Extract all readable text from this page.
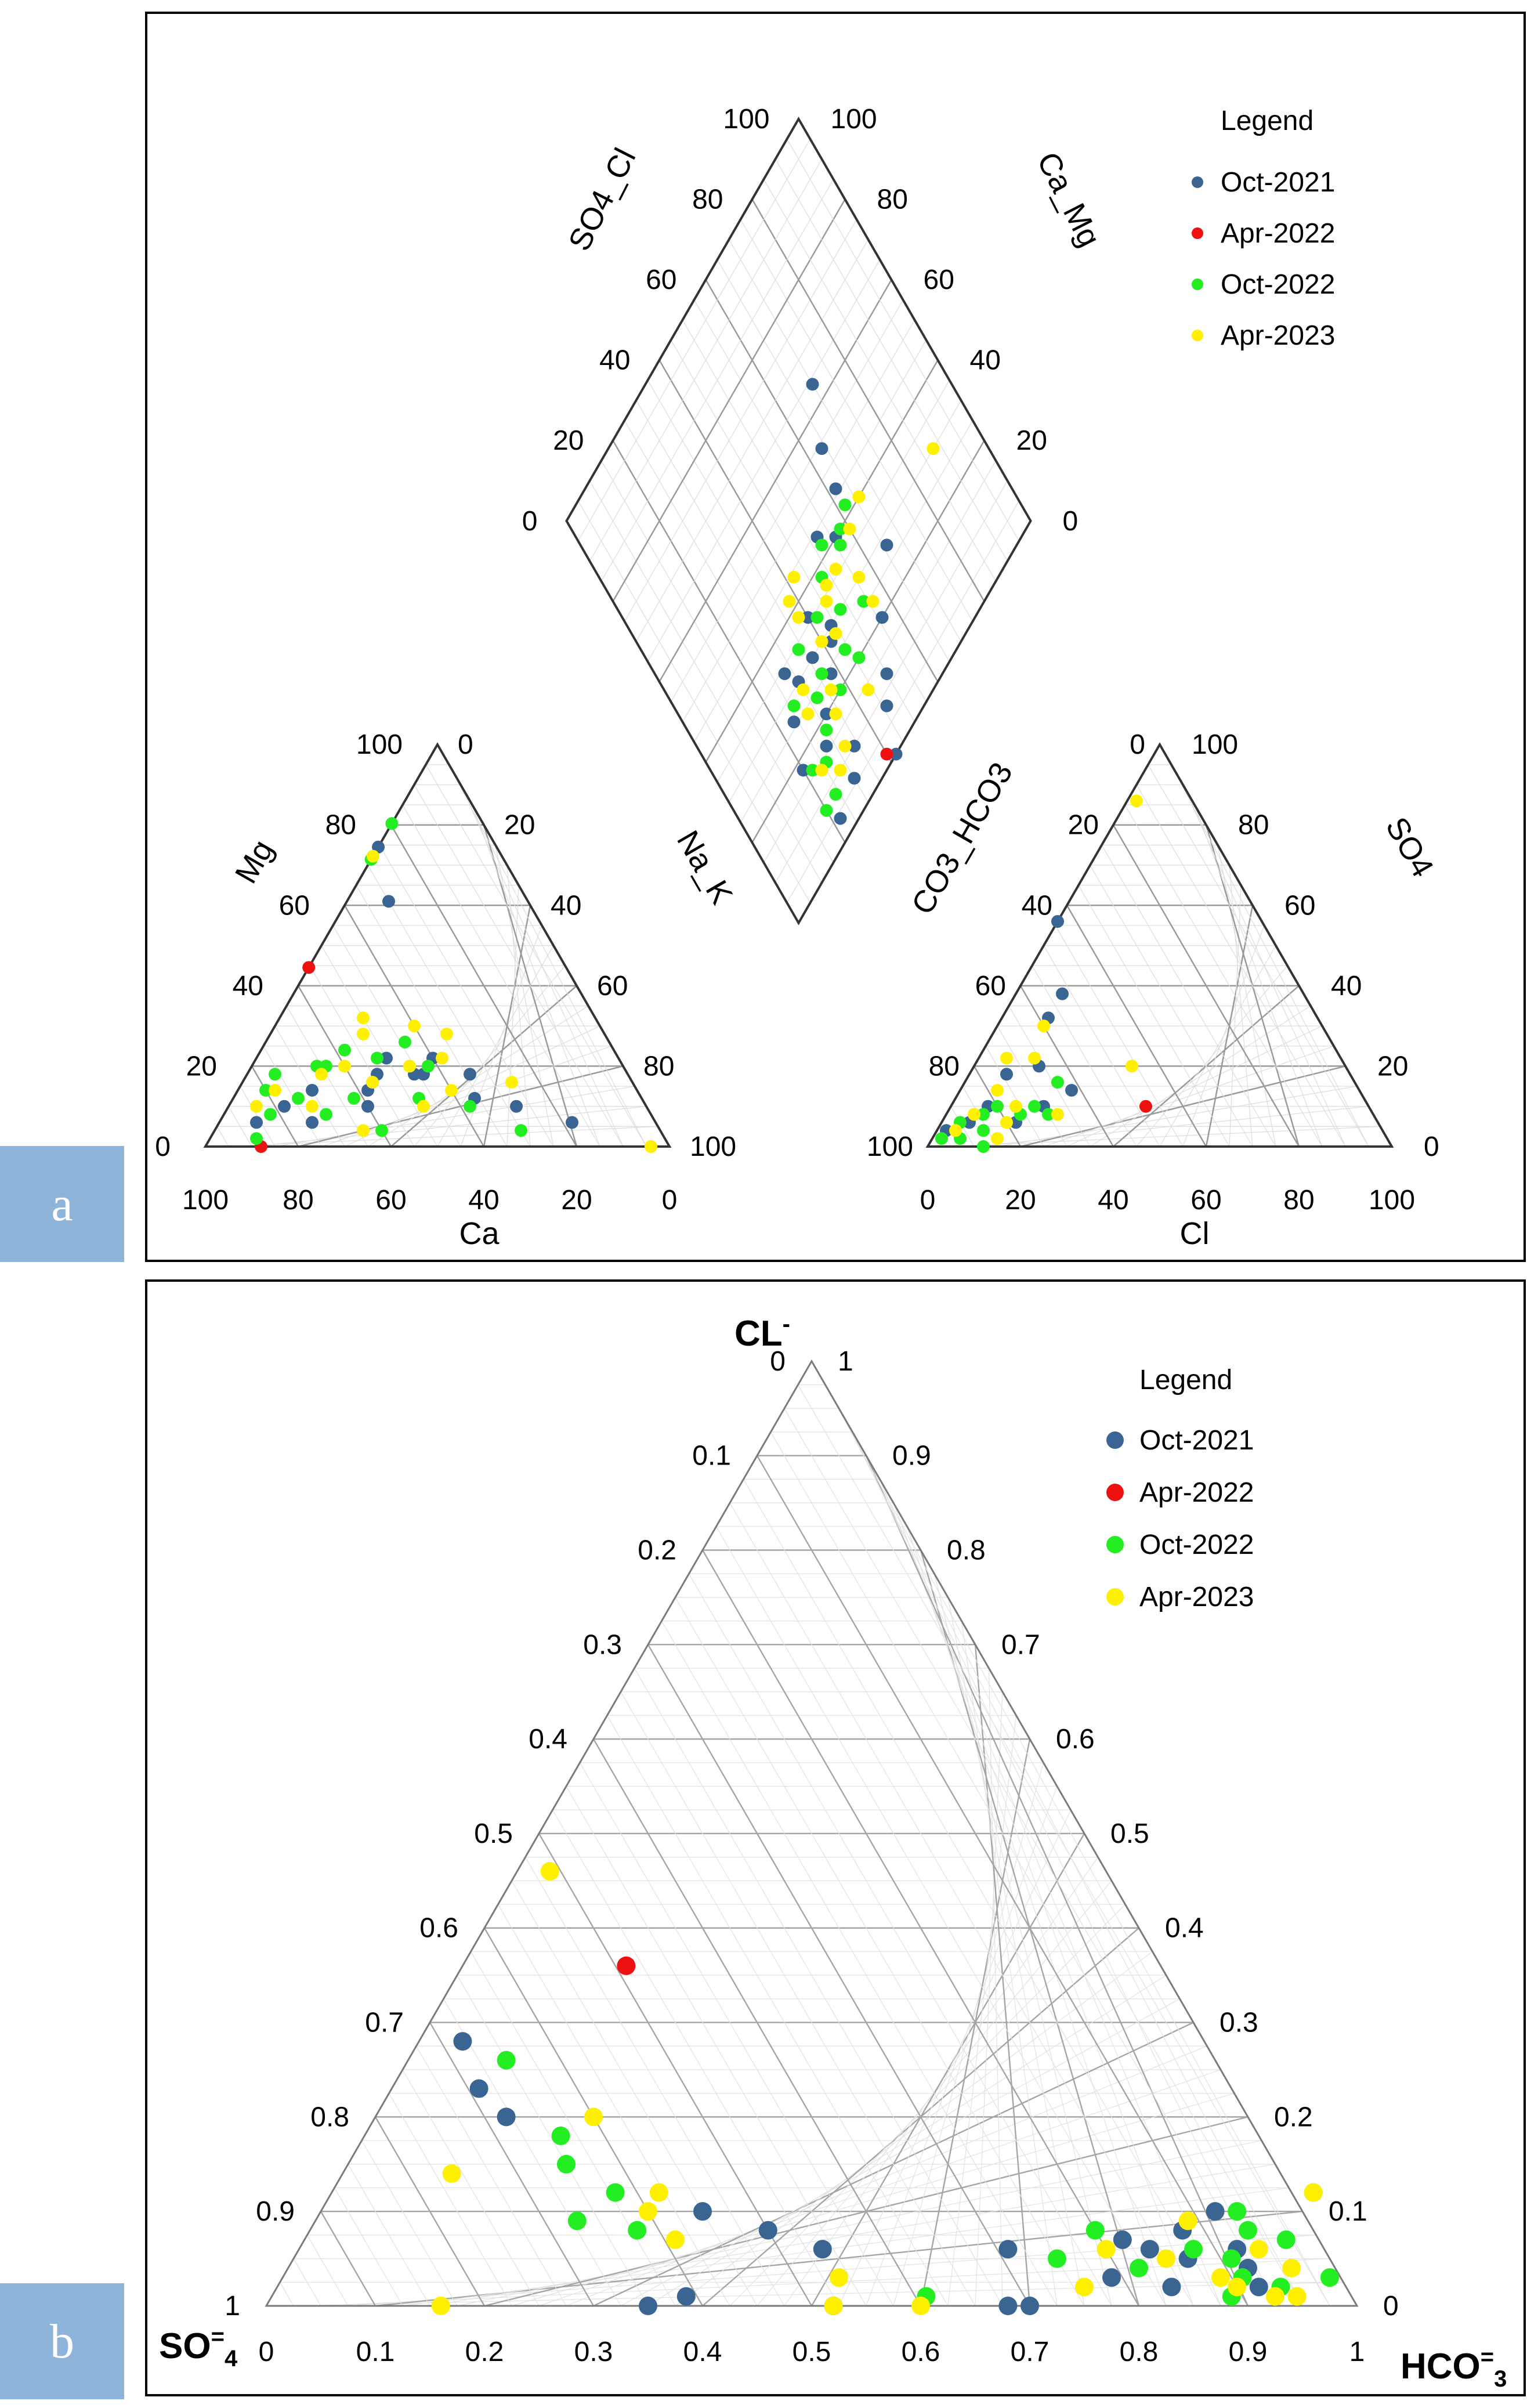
a
b
100
0
0
0
100
100
0
100
80
20
20
20
80
80
20
80
60
40
40
40
60
60
40
60
40
60
60
60
40
40
60
40
20
80
80
80
20
20
80
20
0
100
100
100
0
0
100
0
SO4_Cl	Ca_Mg
Mg	Na_K
Ca
CO3_HCO3	SO4
Cl
Legend
Oct-2021
Apr-2022
Oct-2022
Apr-2023
0
0 1
0.1
0.1	0.9
0.2
0.2	0.8
0.3
0.3	0.7
0.4
0.4	0.6
0.5
0.5	0.5
0.6
0.6	0.4
0.7
0.7	0.3
0.8
0.8	0.2
0.9
0.9	0.1
1
1	0
CL-
$SO^=_4$	$HCO^=_3$
Legend
Oct-2021
Apr-2022
Oct-2022
Apr-2023
